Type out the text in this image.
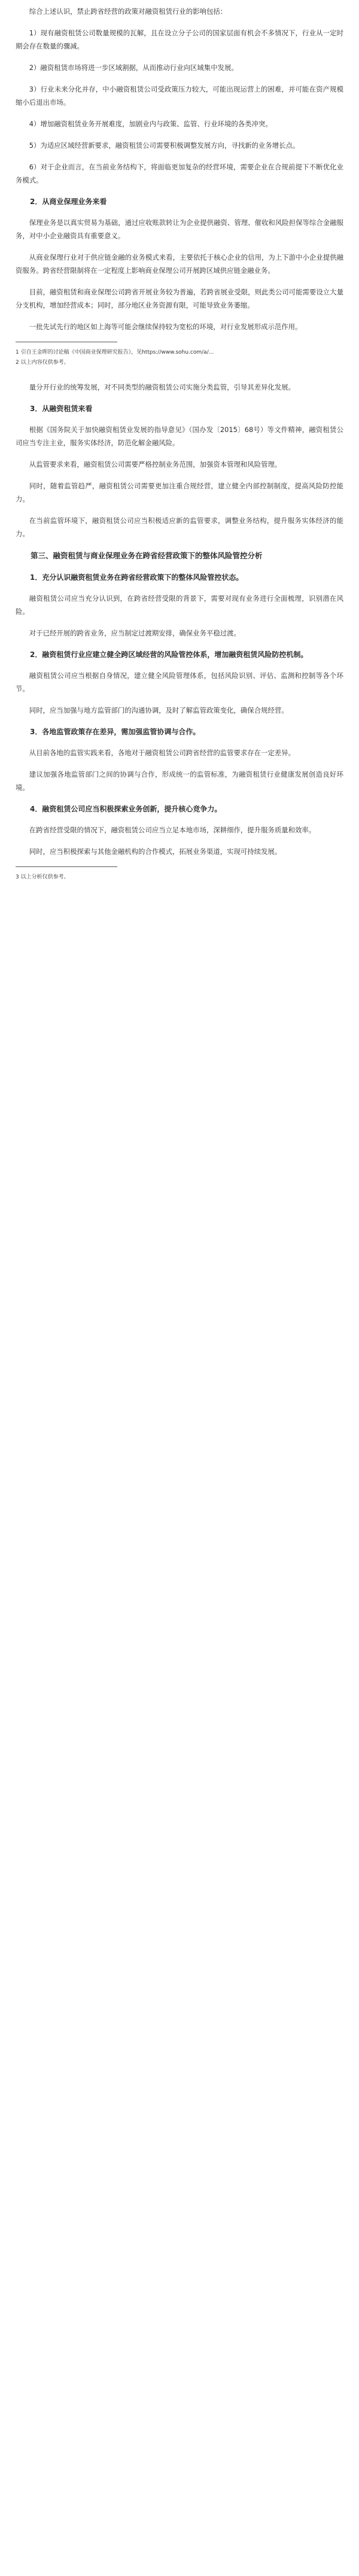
综合上述认识，禁止跨省经营的政策对融资租赁行业的影响包括：

1）现有融资租赁公司数量规模的瓦解，且在设立分子公司的国家层面有机会不多情况下，行业从一定时期会存在数量的骤减。

2）融资租赁市场将进一步区域割据，从而推动行业向区域集中发展。

3）行业未来分化并存，中小融资租赁公司受政策压力较大，可能出现运营上的困难，并可能在资产规模缩小后退出市场。

4）增加融资租赁业务开展难度，加剧业内与政策、监管、行业环境的各类冲突。

5）为适应区域经营新要求，融资租赁公司需要积极调整发展方向，寻找新的业务增长点。

6）对于企业而言，在当前业务结构下，将面临更加复杂的经营环境，需要企业在合规前提下不断优化业务模式。

2．从商业保理业务来看

保理业务是以真实贸易为基础，通过应收账款转让为企业提供融资、管理、催收和风险担保等综合金融服务，对中小企业融资具有重要意义。

从商业保理行业对于供应链金融的业务模式来看，主要依托于核心企业的信用，为上下游中小企业提供融资服务。跨省经营限制将在一定程度上影响商业保理公司开展跨区域供应链金融业务。

目前，融资租赁和商业保理公司跨省开展业务较为普遍，若跨省展业受限，则此类公司可能需要设立大量分支机构，增加经营成本；同时，部分地区业务资源有限，可能导致业务萎缩。

一批先试先行的地区如上海等可能会继续保持较为宽松的环境，对行业发展形成示范作用。

1 引自王金晖的讨论稿《中国商业保理研究报告》，见https://www.sohu.com/a/...

2 以上内容仅供参考。

量分开行业的统筹发展，对不同类型的融资租赁公司实施分类监管，引导其差异化发展。

3．从融资租赁来看

根据《国务院关于加快融资租赁业发展的指导意见》（国办发〔2015〕68号）等文件精神，融资租赁公司应当专注主业，服务实体经济，防范化解金融风险。

从监管要求来看，融资租赁公司需要严格控制业务范围，加强资本管理和风险管理。

同时，随着监管趋严，融资租赁公司需要更加注重合规经营，建立健全内部控制制度，提高风险防控能力。

在当前监管环境下，融资租赁公司应当积极适应新的监管要求，调整业务结构，提升服务实体经济的能力。

第三、融资租赁与商业保理业务在跨省经营政策下的整体风险管控分析
1．充分认识融资租赁业务在跨省经营政策下的整体风险管控状态。

融资租赁公司应当充分认识到，在跨省经营受限的背景下，需要对现有业务进行全面梳理，识别潜在风险。

对于已经开展的跨省业务，应当制定过渡期安排，确保业务平稳过渡。

2．融资租赁行业应建立健全跨区域经营的风险管控体系，增加融资租赁风险防控机制。

融资租赁公司应当根据自身情况，建立健全风险管理体系，包括风险识别、评估、监测和控制等各个环节。

同时，应当加强与地方监管部门的沟通协调，及时了解监管政策变化，确保合规经营。

3．各地监管政策存在差异，需加强监管协调与合作。

从目前各地的监管实践来看，各地对于融资租赁公司跨省经营的监管要求存在一定差异。

建议加强各地监管部门之间的协调与合作，形成统一的监管标准，为融资租赁行业健康发展创造良好环境。

4．融资租赁公司应当积极探索业务创新，提升核心竞争力。

在跨省经营受限的情况下，融资租赁公司应当立足本地市场，深耕细作，提升服务质量和效率。

同时，应当积极探索与其他金融机构的合作模式，拓展业务渠道，实现可持续发展。

3 以上分析仅供参考。
